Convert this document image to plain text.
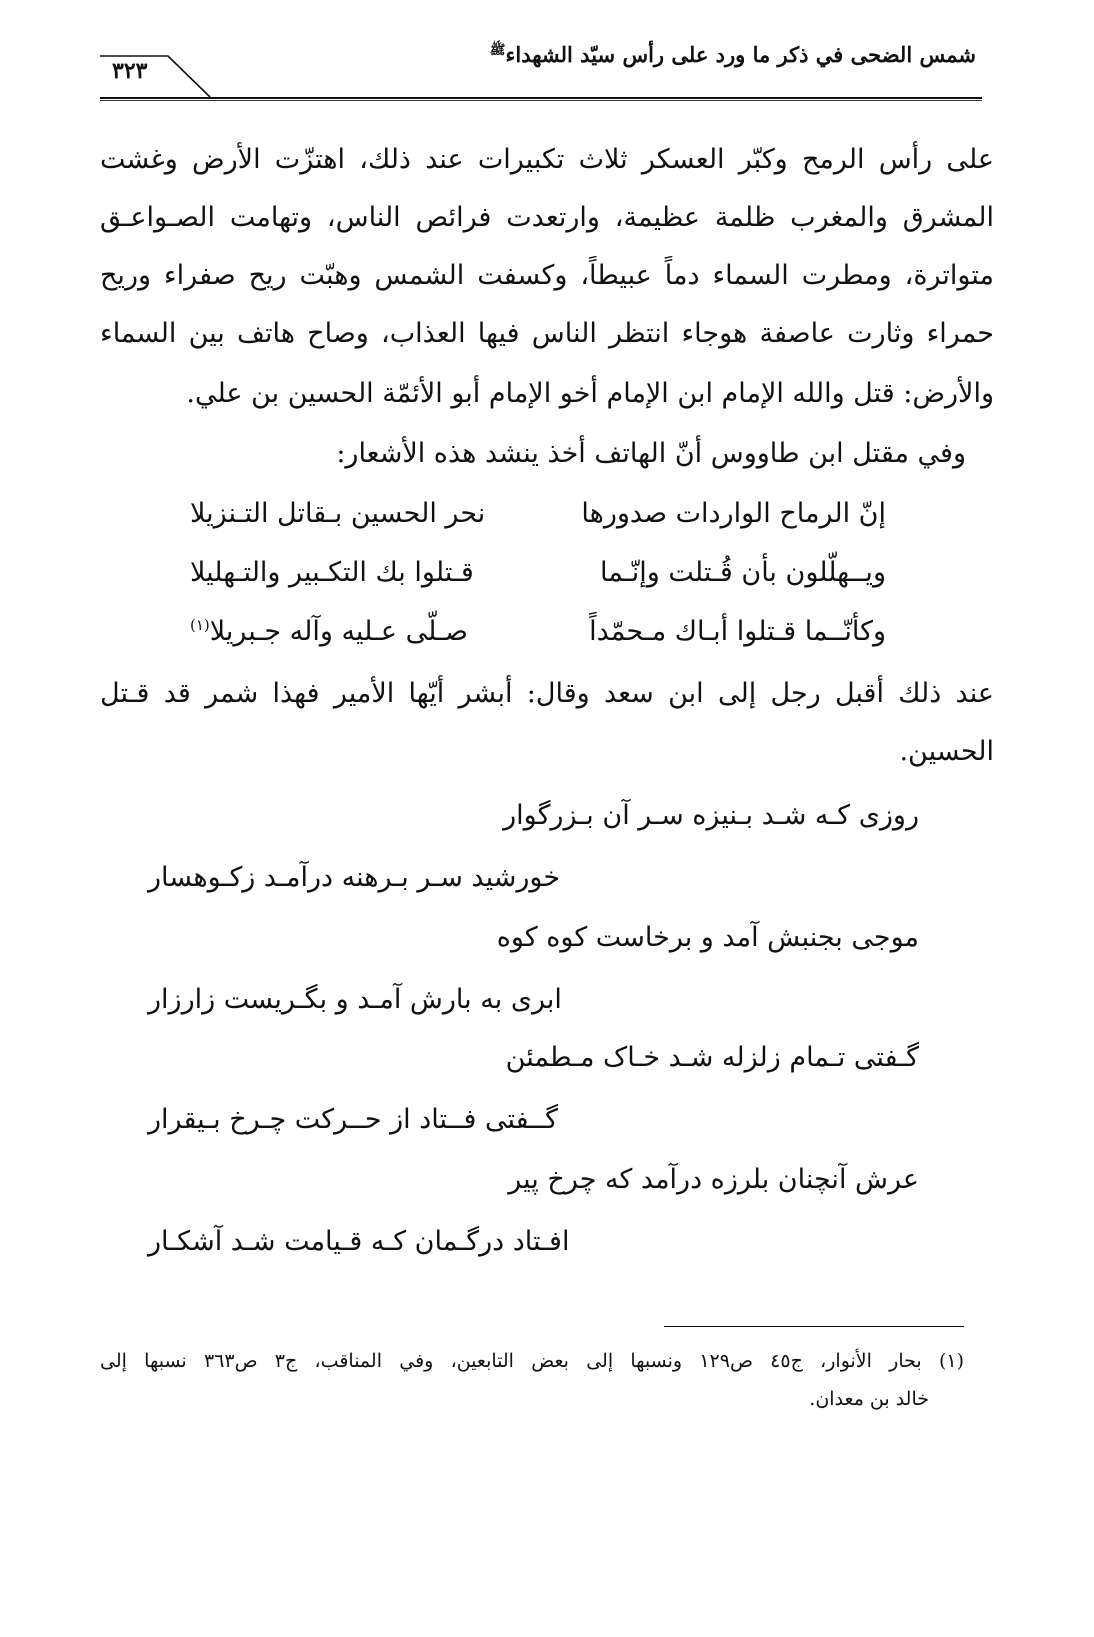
شمس الضحى في ذكر ما ورد على رأس سيّد الشهداء$^ﷺ$
٣٢٣
على رأس الرمح وكبّر العسكر ثلاث تكبيرات عند ذلك، اهتزّت الأرض وغشت
المشرق والمغرب ظلمة عظيمة، وارتعدت فرائص الناس، وتهامت الصـواعـق
متواترة، ومطرت السماء دماً عبيطاً، وكسفت الشمس وهبّت ريح صفراء وريح
حمراء وثارت عاصفة هوجاء انتظر الناس فيها العذاب، وصاح هاتف بين السماء
والأرض: قتل والله الإمام ابن الإمام أخو الإمام أبو الأئمّة الحسين بن علي.
وفي مقتل ابن طاووس أنّ الهاتف أخذ ينشد هذه الأشعار:
إنّ الرماح الواردات صدورها
نحر الحسين بـقاتل التـنزيلا
ويــهلّلون بأن قُـتلت وإنّـما
قـتلوا بك التكـبير والتـهليلا
وكأنّــما قـتلوا أبـاك مـحمّداً
صـلّى عـليه وآله جـبريلا$^{(١)}$
عند ذلك أقبل رجل إلى ابن سعد وقال: أبشر أيّها الأمير فهذا شمر قد قـتل
الحسين.
روزی کـه شـد بـنیزه سـر آن بـزرگوار
خورشید سـر بـرهنه درآمـد زکـوهسار
موجی بجنبش آمد و برخاست کوه کوه
ابری به بارش آمـد و بگـریست زارزار
گـفتی تـمام زلزله شـد خـاک مـطمئن
گــفتی فــتاد از حــرکت چـرخ بـیقرار
عرش آنچنان بلرزه درآمد که چرخ پیر
افـتاد درگـمان کـه قـیامت شـد آشکـار
(١) بحار الأنوار، ج٤٥ ص١٢٩ ونسبها إلى بعض التابعين، وفي المناقب، ج٣ ص٣٦٣ نسبها إلى
خالد بن معدان.
